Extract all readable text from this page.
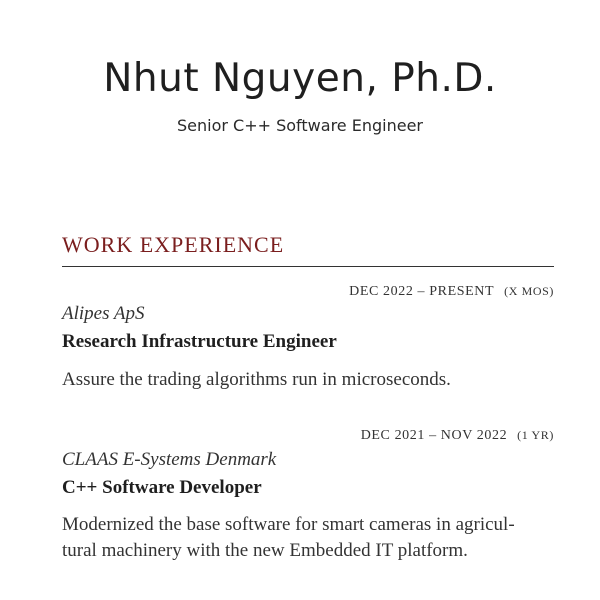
Nhut Nguyen, Ph.D.
Senior C++ Software Engineer
WORK EXPERIENCE
DEC 2022 – PRESENT (X MOS)
Alipes ApS
Research Infrastructure Engineer
Assure the trading algorithms run in microseconds.
DEC 2021 – NOV 2022 (1 YR)
CLAAS E-Systems Denmark
C++ Software Developer
Modernized the base software for smart cameras in agricul-
tural machinery with the new Embedded IT platform.
